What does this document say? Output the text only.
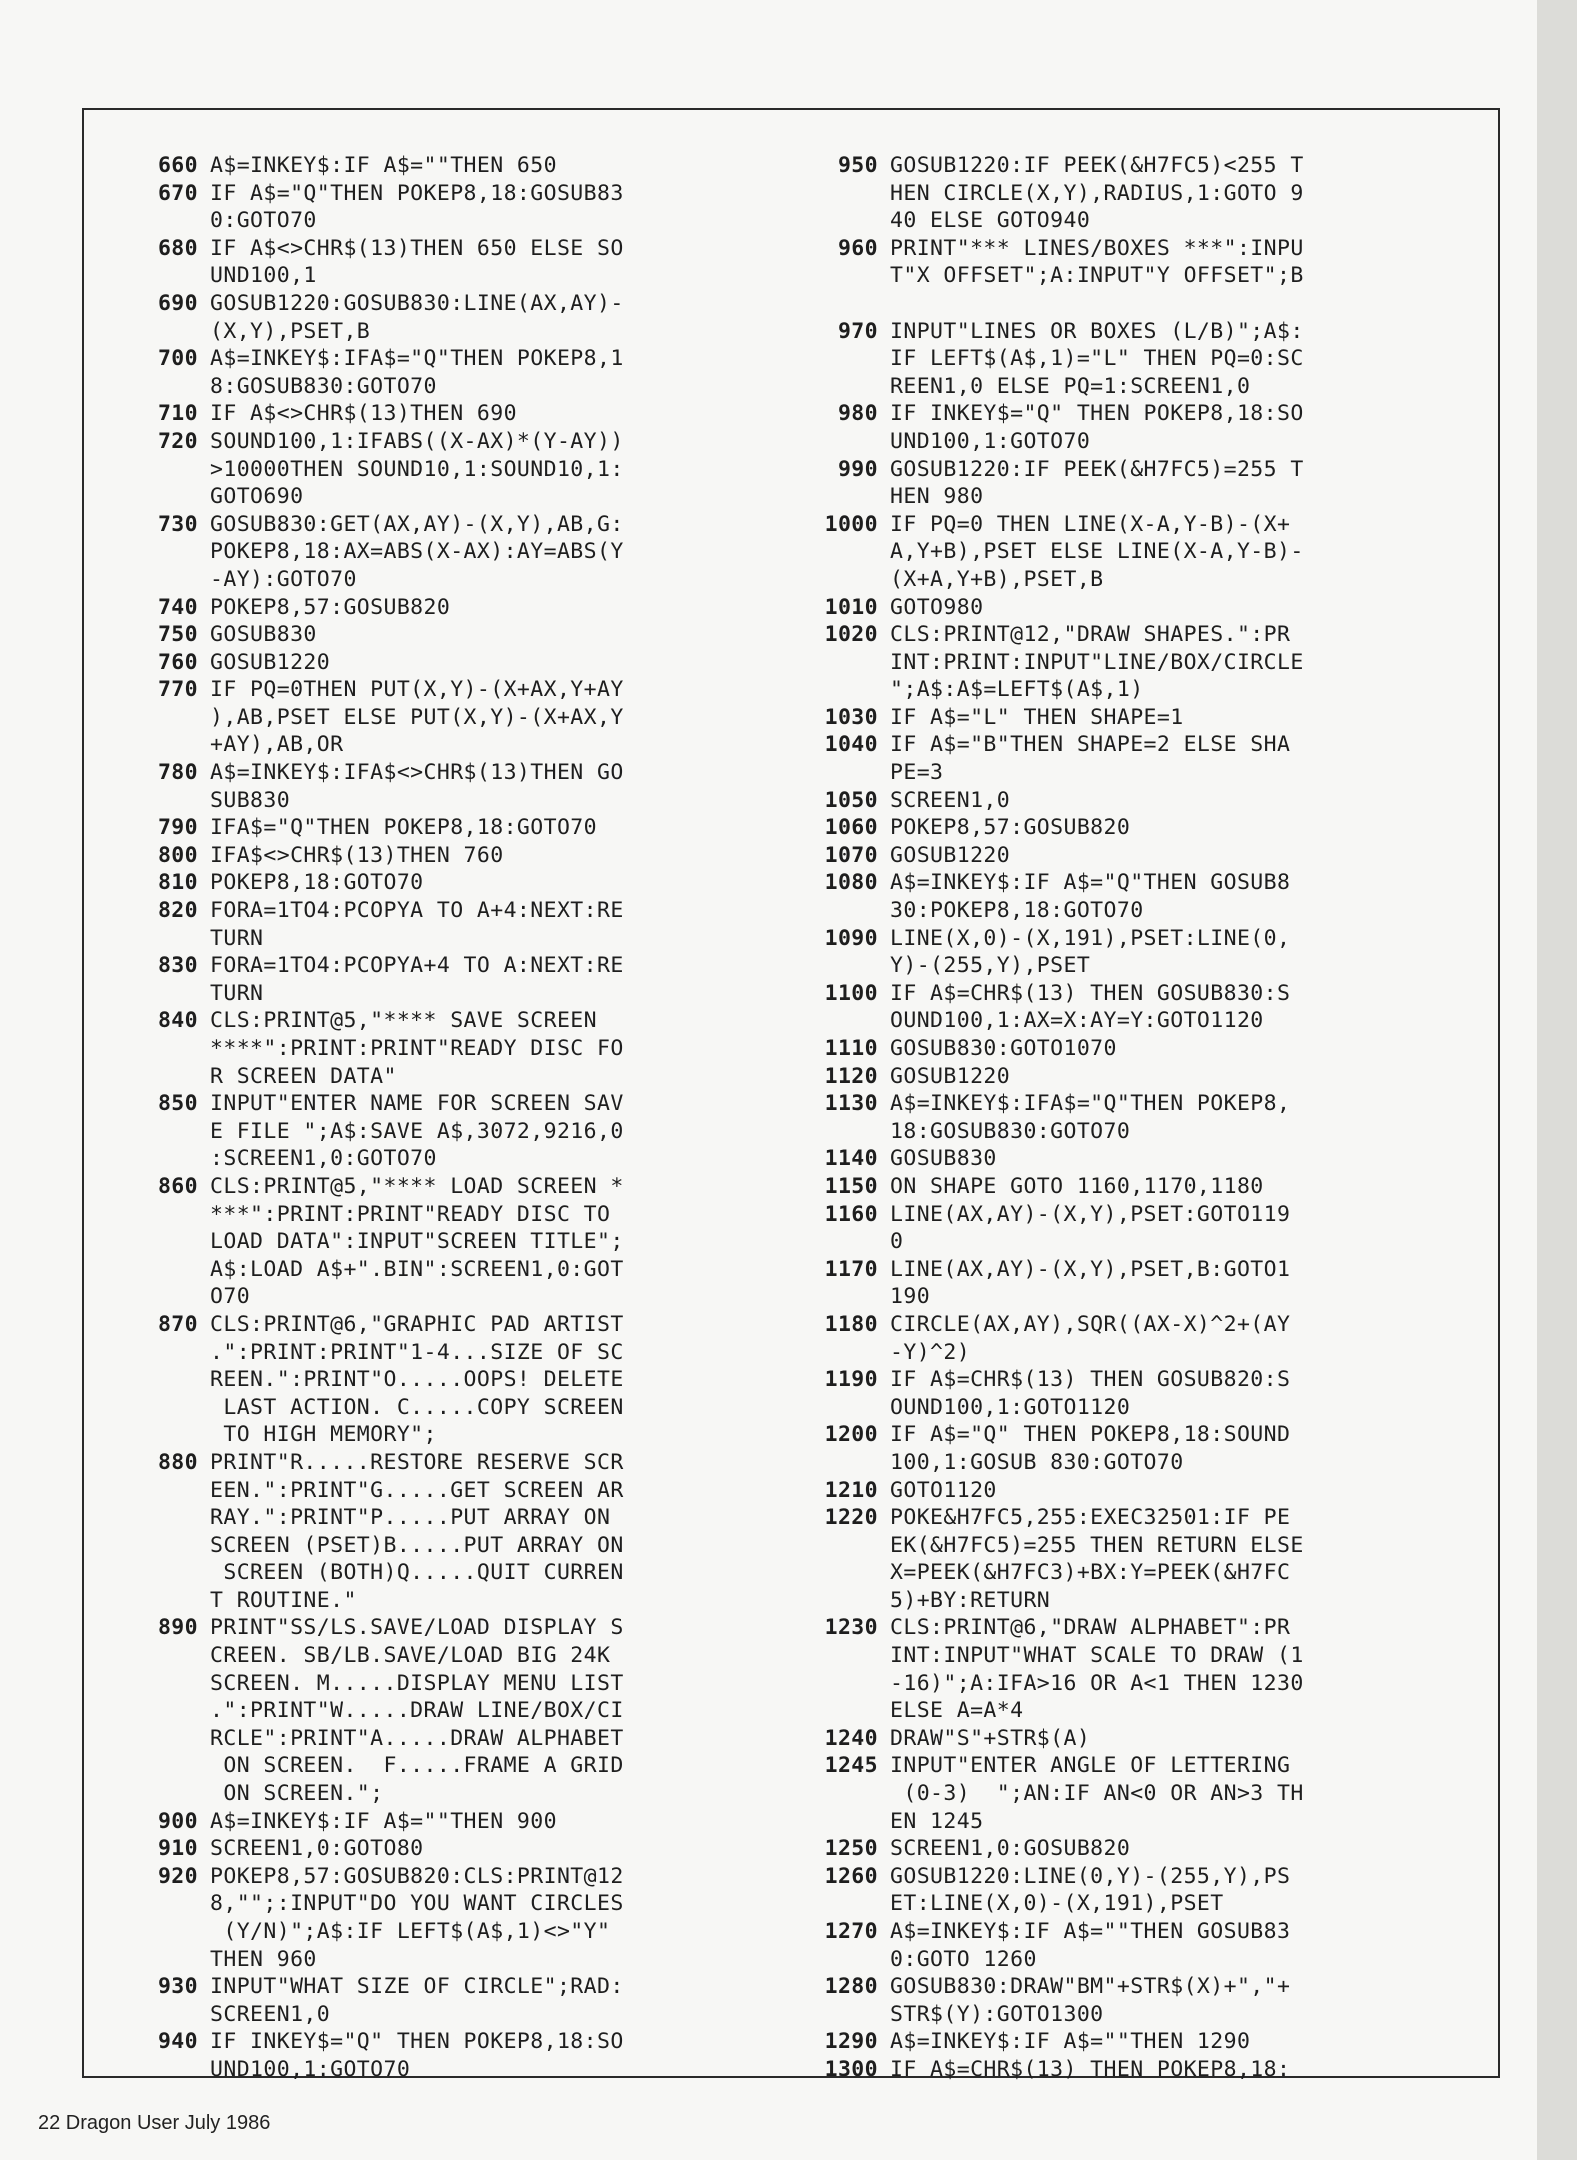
660 A$=INKEY$:IF A$=""THEN 650
670 IF A$="Q"THEN POKEP8,18:GOSUB83
0:GOTO70
680 IF A$<>CHR$(13)THEN 650 ELSE SO
UND100,1
690 GOSUB1220:GOSUB830:LINE(AX,AY)-
(X,Y),PSET,B
700 A$=INKEY$:IFA$="Q"THEN POKEP8,1
8:GOSUB830:GOTO70
710 IF A$<>CHR$(13)THEN 690
720 SOUND100,1:IFABS((X-AX)*(Y-AY))
>10000THEN SOUND10,1:SOUND10,1:
GOTO690
730 GOSUB830:GET(AX,AY)-(X,Y),AB,G:
POKEP8,18:AX=ABS(X-AX):AY=ABS(Y
-AY):GOTO70
740 POKEP8,57:GOSUB820
750 GOSUB830
760 GOSUB1220
770 IF PQ=0THEN PUT(X,Y)-(X+AX,Y+AY
),AB,PSET ELSE PUT(X,Y)-(X+AX,Y
+AY),AB,OR
780 A$=INKEY$:IFA$<>CHR$(13)THEN GO
SUB830
790 IFA$="Q"THEN POKEP8,18:GOTO70
800 IFA$<>CHR$(13)THEN 760
810 POKEP8,18:GOTO70
820 FORA=1TO4:PCOPYA TO A+4:NEXT:RE
TURN
830 FORA=1TO4:PCOPYA+4 TO A:NEXT:RE
TURN
840 CLS:PRINT@5,"**** SAVE SCREEN
****":PRINT:PRINT"READY DISC FO
R SCREEN DATA"
850 INPUT"ENTER NAME FOR SCREEN SAV
E FILE ";A$:SAVE A$,3072,9216,0
:SCREEN1,0:GOTO70
860 CLS:PRINT@5,"**** LOAD SCREEN *
***":PRINT:PRINT"READY DISC TO
LOAD DATA":INPUT"SCREEN TITLE";
A$:LOAD A$+".BIN":SCREEN1,0:GOT
O70
870 CLS:PRINT@6,"GRAPHIC PAD ARTIST
.":PRINT:PRINT"1-4...SIZE OF SC
REEN.":PRINT"O.....OOPS! DELETE
LAST ACTION. C.....COPY SCREEN
TO HIGH MEMORY";
880 PRINT"R.....RESTORE RESERVE SCR
EEN.":PRINT"G.....GET SCREEN AR
RAY.":PRINT"P.....PUT ARRAY ON
SCREEN (PSET)B.....PUT ARRAY ON
SCREEN (BOTH)Q.....QUIT CURREN
T ROUTINE."
890 PRINT"SS/LS.SAVE/LOAD DISPLAY S
CREEN. SB/LB.SAVE/LOAD BIG 24K
SCREEN. M.....DISPLAY MENU LIST
.":PRINT"W.....DRAW LINE/BOX/CI
RCLE":PRINT"A.....DRAW ALPHABET
ON SCREEN.  F.....FRAME A GRID
ON SCREEN.";
900 A$=INKEY$:IF A$=""THEN 900
910 SCREEN1,0:GOTO80
920 POKEP8,57:GOSUB820:CLS:PRINT@12
8,"";:INPUT"DO YOU WANT CIRCLES
(Y/N)";A$:IF LEFT$(A$,1)<>"Y"
THEN 960
930 INPUT"WHAT SIZE OF CIRCLE";RAD:
SCREEN1,0
940 IF INKEY$="Q" THEN POKEP8,18:SO
UND100,1:GOTO70
950 GOSUB1220:IF PEEK(&H7FC5)<255 T
HEN CIRCLE(X,Y),RADIUS,1:GOTO 9
40 ELSE GOTO940
960 PRINT"*** LINES/BOXES ***":INPU
T"X OFFSET";A:INPUT"Y OFFSET";B
970 INPUT"LINES OR BOXES (L/B)";A$:
IF LEFT$(A$,1)="L" THEN PQ=0:SC
REEN1,0 ELSE PQ=1:SCREEN1,0
980 IF INKEY$="Q" THEN POKEP8,18:SO
UND100,1:GOTO70
990 GOSUB1220:IF PEEK(&H7FC5)=255 T
HEN 980
1000 IF PQ=0 THEN LINE(X-A,Y-B)-(X+
A,Y+B),PSET ELSE LINE(X-A,Y-B)-
(X+A,Y+B),PSET,B
1010 GOTO980
1020 CLS:PRINT@12,"DRAW SHAPES.":PR
INT:PRINT:INPUT"LINE/BOX/CIRCLE
";A$:A$=LEFT$(A$,1)
1030 IF A$="L" THEN SHAPE=1
1040 IF A$="B"THEN SHAPE=2 ELSE SHA
PE=3
1050 SCREEN1,0
1060 POKEP8,57:GOSUB820
1070 GOSUB1220
1080 A$=INKEY$:IF A$="Q"THEN GOSUB8
30:POKEP8,18:GOTO70
1090 LINE(X,0)-(X,191),PSET:LINE(0,
Y)-(255,Y),PSET
1100 IF A$=CHR$(13) THEN GOSUB830:S
OUND100,1:AX=X:AY=Y:GOTO1120
1110 GOSUB830:GOTO1070
1120 GOSUB1220
1130 A$=INKEY$:IFA$="Q"THEN POKEP8,
18:GOSUB830:GOTO70
1140 GOSUB830
1150 ON SHAPE GOTO 1160,1170,1180
1160 LINE(AX,AY)-(X,Y),PSET:GOTO119
0
1170 LINE(AX,AY)-(X,Y),PSET,B:GOTO1
190
1180 CIRCLE(AX,AY),SQR((AX-X)^2+(AY
-Y)^2)
1190 IF A$=CHR$(13) THEN GOSUB820:S
OUND100,1:GOTO1120
1200 IF A$="Q" THEN POKEP8,18:SOUND
100,1:GOSUB 830:GOTO70
1210 GOTO1120
1220 POKE&H7FC5,255:EXEC32501:IF PE
EK(&H7FC5)=255 THEN RETURN ELSE
X=PEEK(&H7FC3)+BX:Y=PEEK(&H7FC
5)+BY:RETURN
1230 CLS:PRINT@6,"DRAW ALPHABET":PR
INT:INPUT"WHAT SCALE TO DRAW (1
-16)";A:IFA>16 OR A<1 THEN 1230
ELSE A=A*4
1240 DRAW"S"+STR$(A)
1245 INPUT"ENTER ANGLE OF LETTERING
(0-3)  ";AN:IF AN<0 OR AN>3 TH
EN 1245
1250 SCREEN1,0:GOSUB820
1260 GOSUB1220:LINE(0,Y)-(255,Y),PS
ET:LINE(X,0)-(X,191),PSET
1270 A$=INKEY$:IF A$=""THEN GOSUB83
0:GOTO 1260
1280 GOSUB830:DRAW"BM"+STR$(X)+","+
STR$(Y):GOTO1300
1290 A$=INKEY$:IF A$=""THEN 1290
1300 IF A$=CHR$(13) THEN POKEP8,18:
22 Dragon User July 1986
